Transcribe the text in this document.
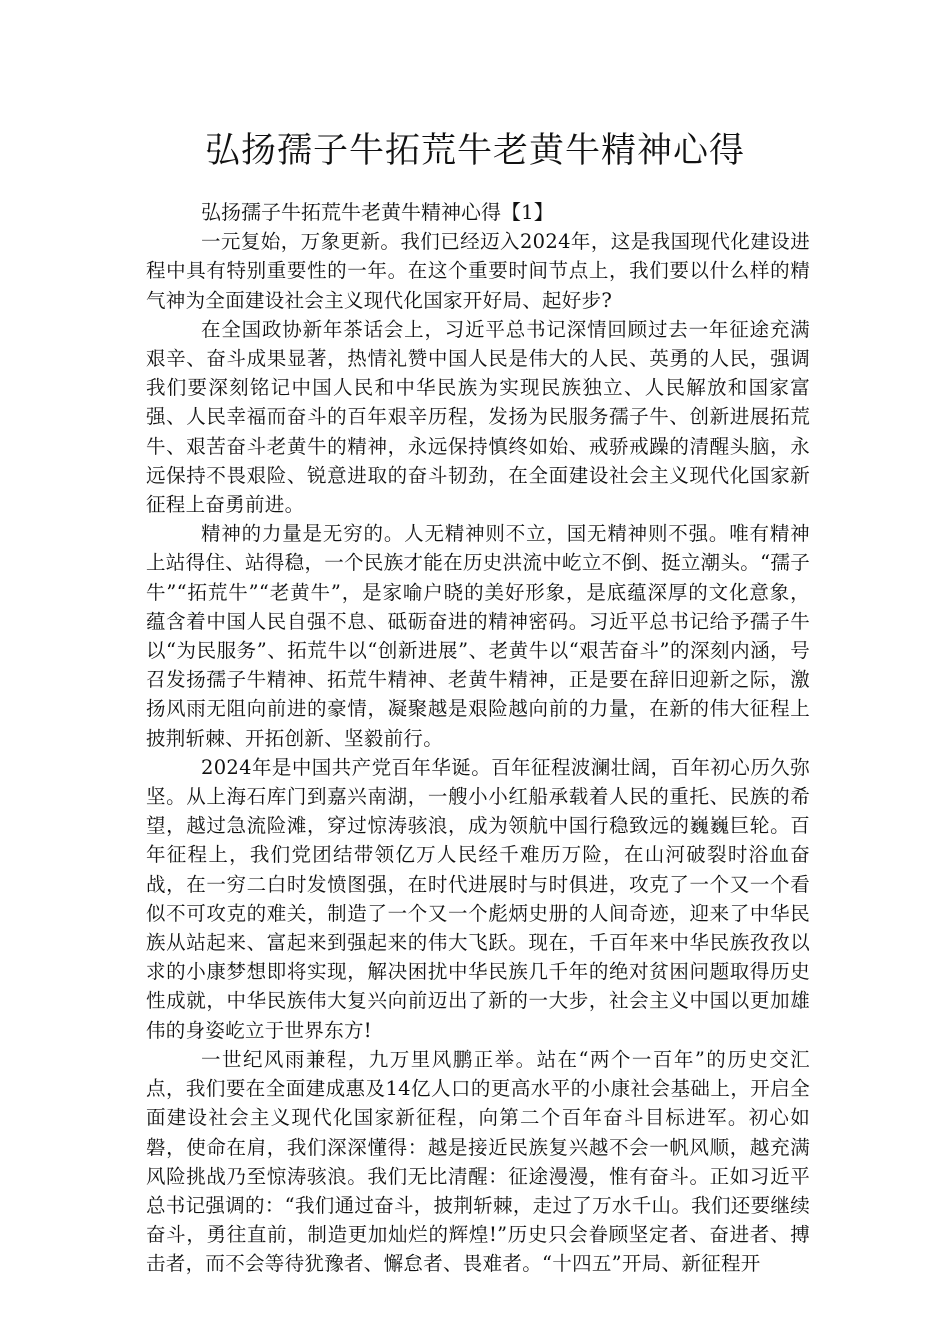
弘扬孺子牛拓荒牛老黄牛精神心得

弘扬孺子牛拓荒牛老黄牛精神心得【1】

一元复始，万象更新。我们已经迈入2024年，这是我国现代化建设进程中具有特别重要性的一年。在这个重要时间节点上，我们要以什么样的精气神为全面建设社会主义现代化国家开好局、起好步?

在全国政协新年茶话会上，习近平总书记深情回顾过去一年征途充满艰辛、奋斗成果显著，热情礼赞中国人民是伟大的人民、英勇的人民，强调我们要深刻铭记中国人民和中华民族为实现民族独立、人民解放和国家富强、人民幸福而奋斗的百年艰辛历程，发扬为民服务孺子牛、创新进展拓荒牛、艰苦奋斗老黄牛的精神，永远保持慎终如始、戒骄戒躁的清醒头脑，永远保持不畏艰险、锐意进取的奋斗韧劲，在全面建设社会主义现代化国家新征程上奋勇前进。

精神的力量是无穷的。人无精神则不立，国无精神则不强。唯有精神上站得住、站得稳，一个民族才能在历史洪流中屹立不倒、挺立潮头。“孺子牛”“拓荒牛”“老黄牛”，是家喻户晓的美好形象，是底蕴深厚的文化意象，蕴含着中国人民自强不息、砥砺奋进的精神密码。习近平总书记给予孺子牛以“为民服务”、拓荒牛以“创新进展”、老黄牛以“艰苦奋斗”的深刻内涵，号召发扬孺子牛精神、拓荒牛精神、老黄牛精神，正是要在辞旧迎新之际，激扬风雨无阻向前进的豪情，凝聚越是艰险越向前的力量，在新的伟大征程上披荆斩棘、开拓创新、坚毅前行。

2024年是中国共产党百年华诞。百年征程波澜壮阔，百年初心历久弥坚。从上海石库门到嘉兴南湖，一艘小小红船承载着人民的重托、民族的希望，越过急流险滩，穿过惊涛骇浪，成为领航中国行稳致远的巍巍巨轮。百年征程上，我们党团结带领亿万人民经千难历万险，在山河破裂时浴血奋战，在一穷二白时发愤图强，在时代进展时与时俱进，攻克了一个又一个看似不可攻克的难关，制造了一个又一个彪炳史册的人间奇迹，迎来了中华民族从站起来、富起来到强起来的伟大飞跃。现在，千百年来中华民族孜孜以求的小康梦想即将实现，解决困扰中华民族几千年的绝对贫困问题取得历史性成就，中华民族伟大复兴向前迈出了新的一大步，社会主义中国以更加雄伟的身姿屹立于世界东方!

一世纪风雨兼程，九万里风鹏正举。站在“两个一百年”的历史交汇点，我们要在全面建成惠及14亿人口的更高水平的小康社会基础上，开启全面建设社会主义现代化国家新征程，向第二个百年奋斗目标进军。初心如磐，使命在肩，我们深深懂得：越是接近民族复兴越不会一帆风顺，越充满风险挑战乃至惊涛骇浪。我们无比清醒：征途漫漫，惟有奋斗。正如习近平总书记强调的：“我们通过奋斗，披荆斩棘，走过了万水千山。我们还要继续奋斗，勇往直前，制造更加灿烂的辉煌!”历史只会眷顾坚定者、奋进者、搏击者，而不会等待犹豫者、懈怠者、畏难者。“十四五”开局、新征程开
